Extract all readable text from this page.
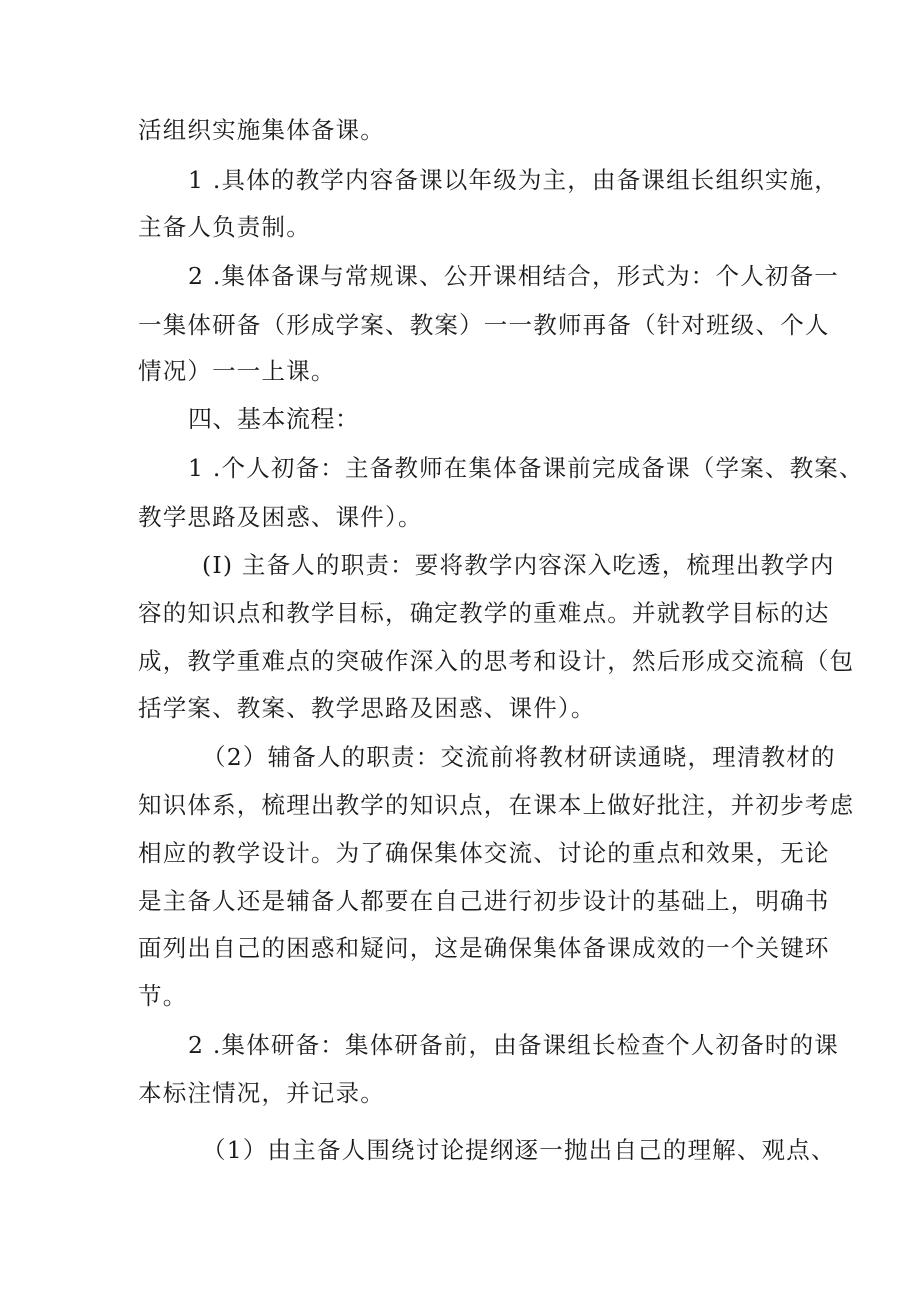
活组织实施集体备课。
1 .具体的教学内容备课以年级为主，由备课组长组织实施，
主备人负责制。
2 .集体备课与常规课、公开课相结合，形式为：个人初备一
一集体研备（形成学案、教案）一一教师再备（针对班级、个人
情况）一一上课。
四、基本流程：
1 .个人初备：主备教师在集体备课前完成备课（学案、教案、
教学思路及困惑、课件）。
(I) 主备人的职责：要将教学内容深入吃透，梳理出教学内
容的知识点和教学目标，确定教学的重难点。并就教学目标的达
成，教学重难点的突破作深入的思考和设计，然后形成交流稿（包
括学案、教案、教学思路及困惑、课件）。
（2）辅备人的职责：交流前将教材研读通晓，理清教材的
知识体系，梳理出教学的知识点，在课本上做好批注，并初步考虑
相应的教学设计。为了确保集体交流、讨论的重点和效果，无论
是主备人还是辅备人都要在自己进行初步设计的基础上，明确书
面列出自己的困惑和疑问，这是确保集体备课成效的一个关键环
节。
2 .集体研备：集体研备前，由备课组长检查个人初备时的课
本标注情况，并记录。
（1）由主备人围绕讨论提纲逐一抛出自己的理解、观点、
